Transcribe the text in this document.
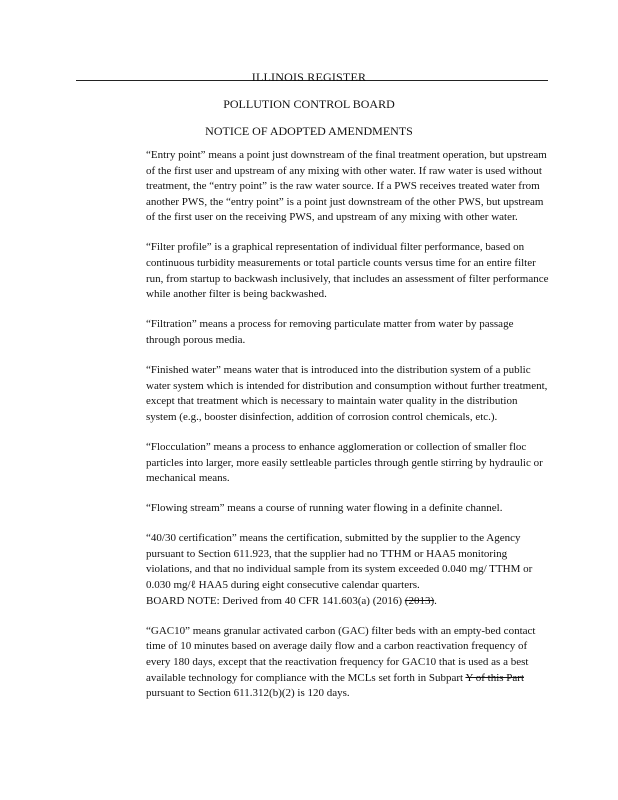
ILLINOIS REGISTER
POLLUTION CONTROL BOARD
NOTICE OF ADOPTED AMENDMENTS

“Entry point” means a point just downstream of the final treatment operation, but upstream of the first user and upstream of any mixing with other water. If raw water is used without treatment, the “entry point” is the raw water source. If a PWS receives treated water from another PWS, the “entry point” is a point just downstream of the other PWS, but upstream of the first user on the receiving PWS, and upstream of any mixing with other water.

“Filter profile” is a graphical representation of individual filter performance, based on continuous turbidity measurements or total particle counts versus time for an entire filter run, from startup to backwash inclusively, that includes an assessment of filter performance while another filter is being backwashed.

“Filtration” means a process for removing particulate matter from water by passage through porous media.

“Finished water” means water that is introduced into the distribution system of a public water system which is intended for distribution and consumption without further treatment, except that treatment which is necessary to maintain water quality in the distribution system (e.g., booster disinfection, addition of corrosion control chemicals, etc.).

“Flocculation” means a process to enhance agglomeration or collection of smaller floc particles into larger, more easily settleable particles through gentle stirring by hydraulic or mechanical means.

“Flowing stream” means a course of running water flowing in a definite channel.

“40/30 certification” means the certification, submitted by the supplier to the Agency pursuant to Section 611.923, that the supplier had no TTHM or HAA5 monitoring violations, and that no individual sample from its system exceeded 0.040 mg/ TTHM or 0.030 mg/ℓ HAA5 during eight consecutive calendar quarters.

BOARD NOTE: Derived from 40 CFR 141.603(a) (2016) (2013).

“GAC10” means granular activated carbon (GAC) filter beds with an empty-bed contact time of 10 minutes based on average daily flow and a carbon reactivation frequency of every 180 days, except that the reactivation frequency for GAC10 that is used as a best available technology for compliance with the MCLs set forth in Subpart Y of this Part pursuant to Section 611.312(b)(2) is 120 days.
